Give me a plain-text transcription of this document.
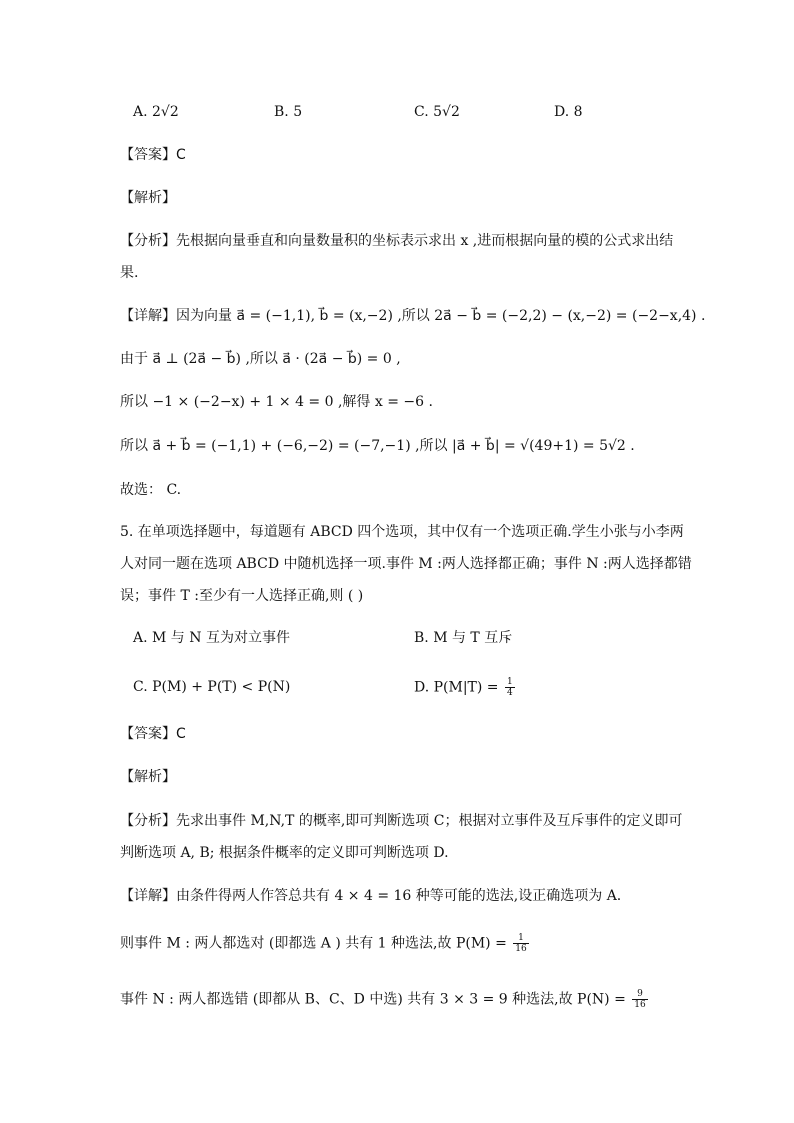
A. 2√2	B. 5	C. 5√2	D. 8
【答案】C
【解析】
【分析】先根据向量垂直和向量数量积的坐标表示求出 x ,进而根据向量的模的公式求出结
果.
【详解】因为向量 a⃗ = (−1,1), b⃗ = (x,−2) ,所以 2a⃗ − b⃗ = (−2,2) − (x,−2) = (−2−x,4) .
由于 a⃗ ⊥ (2a⃗ − b⃗) ,所以 a⃗ · (2a⃗ − b⃗) = 0 ,
所以 −1 × (−2−x) + 1 × 4 = 0 ,解得 x = −6 .
所以 a⃗ + b⃗ = (−1,1) + (−6,−2) = (−7,−1) ,所以 |a⃗ + b⃗| = √(49+1) = 5√2 .
故选： C.
5. 在单项选择题中，每道题有 ABCD 四个选项，其中仅有一个选项正确.学生小张与小李两
人对同一题在选项 ABCD 中随机选择一项.事件 M :两人选择都正确；事件 N :两人选择都错
误；事件 T :至少有一人选择正确,则 ( )
A. M 与 N 互为对立事件	B. M 与 T 互斥
C. P(M) + P(T) < P(N)	D. $P(M|T) = \frac{1}{4}$
【答案】C
【解析】
【分析】先求出事件 M,N,T 的概率,即可判断选项 C；根据对立事件及互斥事件的定义即可
判断选项 A, B; 根据条件概率的定义即可判断选项 D.
【详解】由条件得两人作答总共有 4 × 4 = 16 种等可能的选法,设正确选项为 A.
则事件 M : 两人都选对 (即都选 A ) 共有 1 种选法,故 $P(M) = \frac{1}{16}$
事件 N : 两人都选错 (即都从 B、C、D 中选) 共有 3 × 3 = 9 种选法,故 $P(N) = \frac{9}{16}$
